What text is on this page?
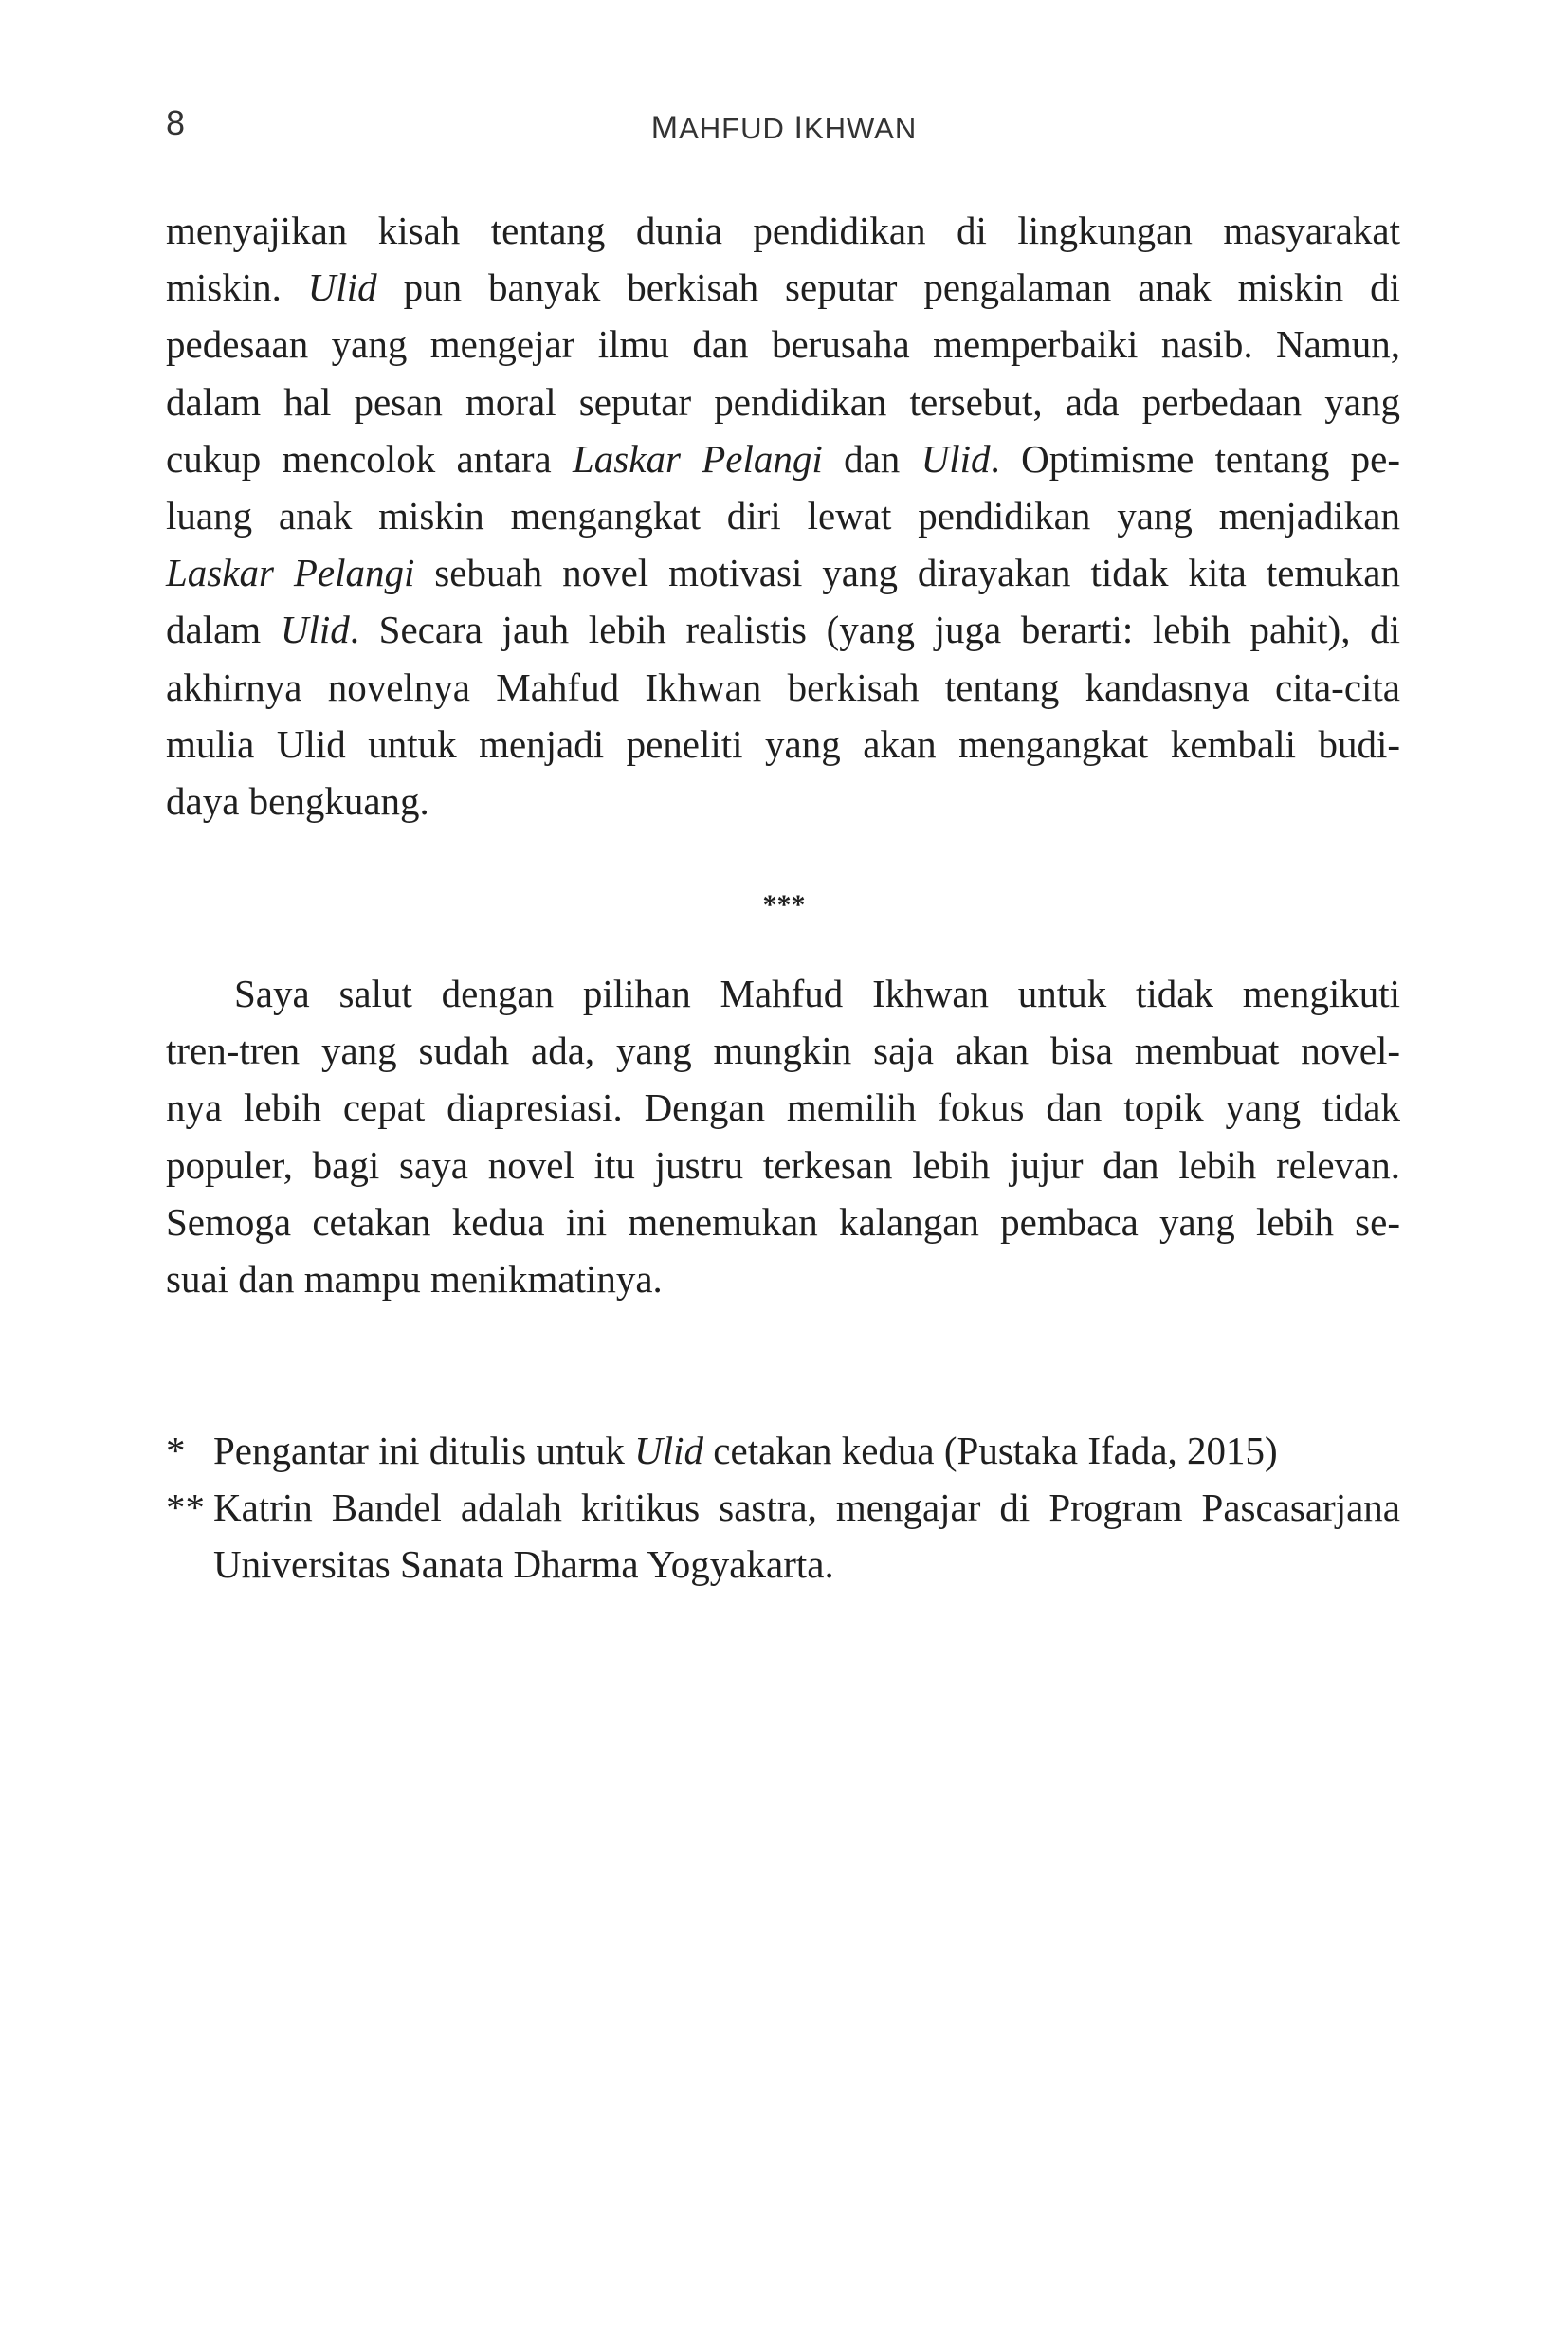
8	MAHFUD IKHWAN
menyajikan kisah tentang dunia pendidikan di lingkungan masyarakat
miskin. Ulid pun banyak berkisah seputar pengalaman anak miskin di
pedesaan yang mengejar ilmu dan berusaha memperbaiki nasib. Namun,
dalam hal pesan moral seputar pendidikan tersebut, ada perbedaan yang
cukup mencolok antara Laskar Pelangi dan Ulid. Optimisme tentang pe-
luang anak miskin mengangkat diri lewat pendidikan yang menjadikan
Laskar Pelangi sebuah novel motivasi yang dirayakan tidak kita temukan
dalam Ulid. Secara jauh lebih realistis (yang juga berarti: lebih pahit), di
akhirnya novelnya Mahfud Ikhwan berkisah tentang kandasnya cita-cita
mulia Ulid untuk menjadi peneliti yang akan mengangkat kembali budi-
daya bengkuang.
***
Saya salut dengan pilihan Mahfud Ikhwan untuk tidak mengikuti
tren-tren yang sudah ada, yang mungkin saja akan bisa membuat novel-
nya lebih cepat diapresiasi. Dengan memilih fokus dan topik yang tidak
populer, bagi saya novel itu justru terkesan lebih jujur dan lebih relevan.
Semoga cetakan kedua ini menemukan kalangan pembaca yang lebih se-
suai dan mampu menikmatinya.
* Pengantar ini ditulis untuk Ulid cetakan kedua (Pustaka Ifada, 2015)
** Katrin Bandel adalah kritikus sastra, mengajar di Program Pascasarjana
Universitas Sanata Dharma Yogyakarta.
